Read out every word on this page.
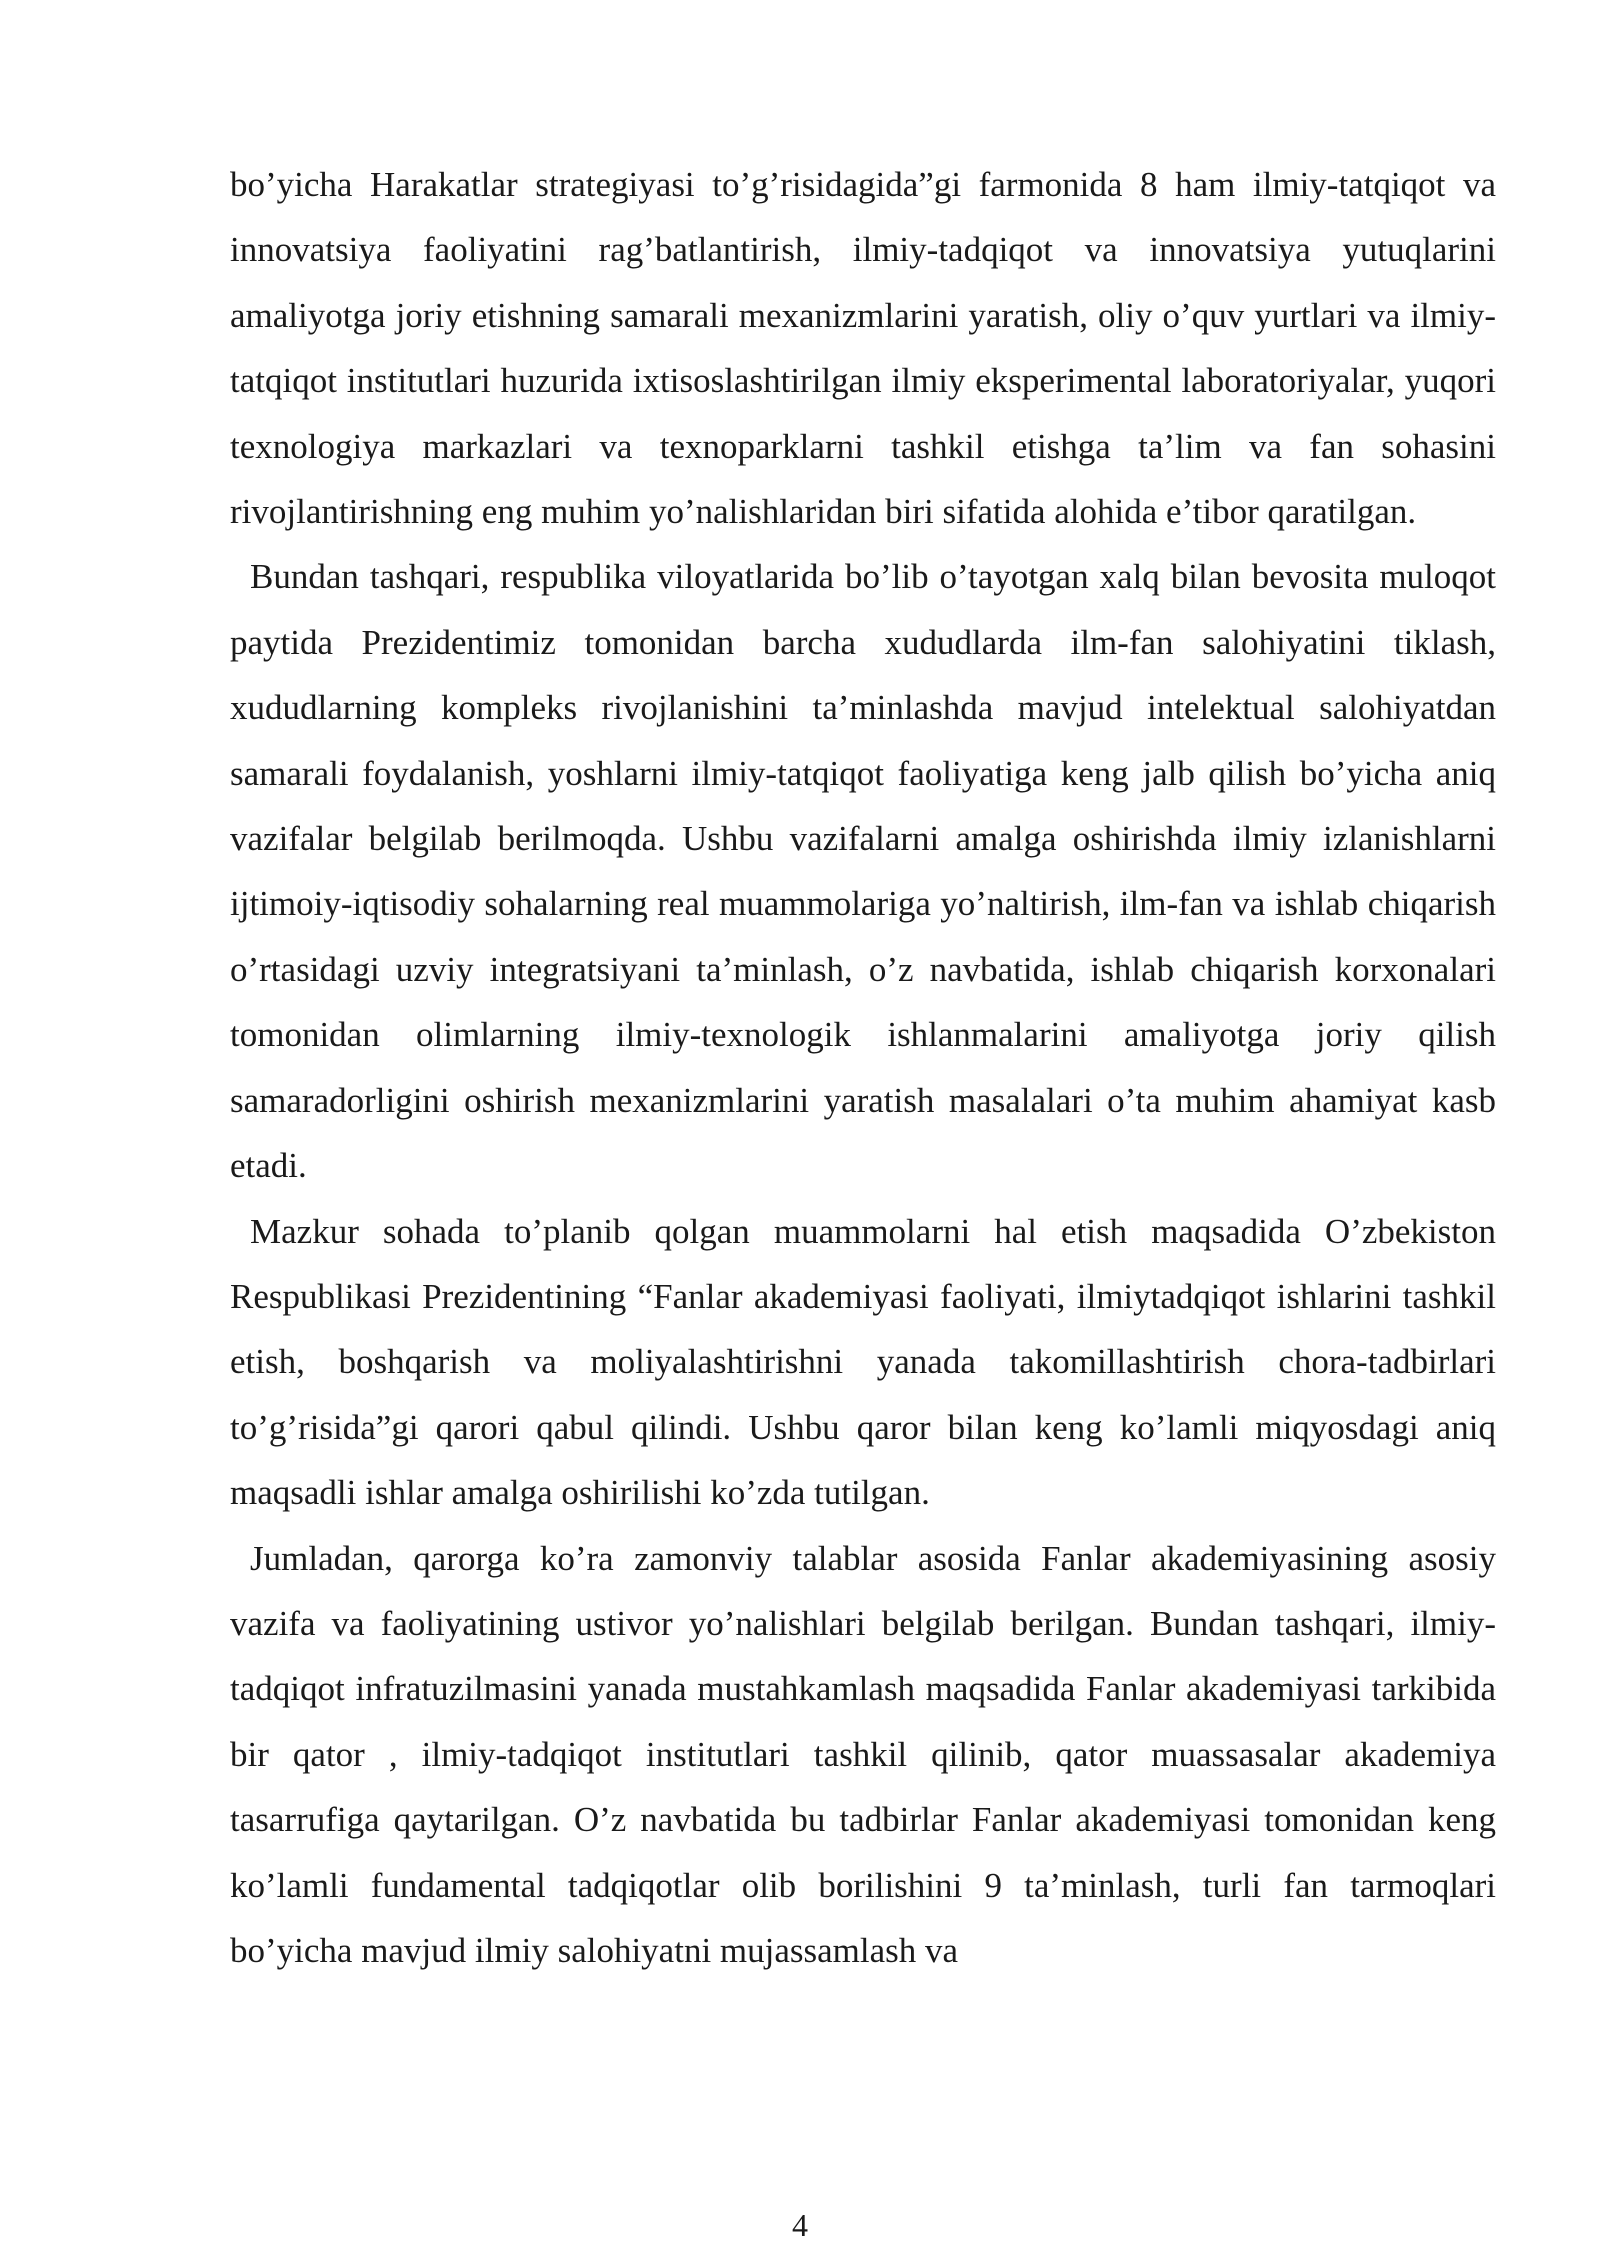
bo’yicha Harakatlar strategiyasi to’g’risidagida”gi farmonida 8 ham ilmiy-tatqiqot va innovatsiya faoliyatini rag’batlantirish, ilmiy-tadqiqot va innovatsiya yutuqlarini amaliyotga joriy etishning samarali mexanizmlarini yaratish, oliy o’quv yurtlari va ilmiy-tatqiqot institutlari huzurida ixtisoslashtirilgan ilmiy eksperimental laboratoriyalar, yuqori texnologiya markazlari va texnoparklarni tashkil etishga ta’lim va fan sohasini rivojlantirishning eng muhim yo’nalishlaridan biri sifatida alohida e’tibor qaratilgan.

Bundan tashqari, respublika viloyatlarida bo’lib o’tayotgan xalq bilan bevosita muloqot paytida Prezidentimiz tomonidan barcha xududlarda ilm-fan salohiyatini tiklash, xududlarning kompleks rivojlanishini ta’minlashda mavjud intelektual salohiyatdan samarali foydalanish, yoshlarni ilmiy-tatqiqot faoliyatiga keng jalb qilish bo’yicha aniq vazifalar belgilab berilmoqda. Ushbu vazifalarni amalga oshirishda ilmiy izlanishlarni ijtimoiy-iqtisodiy sohalarning real muammolariga yo’naltirish, ilm-fan va ishlab chiqarish o’rtasidagi uzviy integratsiyani ta’minlash, o’z navbatida, ishlab chiqarish korxonalari tomonidan olimlarning ilmiy-texnologik ishlanmalarini amaliyotga joriy qilish samaradorligini oshirish mexanizmlarini yaratish masalalari o’ta muhim ahamiyat kasb etadi.

Mazkur sohada to’planib qolgan muammolarni hal etish maqsadida O’zbekiston Respublikasi Prezidentining “Fanlar akademiyasi faoliyati, ilmiytadqiqot ishlarini tashkil etish, boshqarish va moliyalashtirishni yanada takomillashtirish chora-tadbirlari to’g’risida”gi qarori qabul qilindi. Ushbu qaror bilan keng ko’lamli miqyosdagi aniq maqsadli ishlar amalga oshirilishi ko’zda tutilgan.

Jumladan, qarorga ko’ra zamonviy talablar asosida Fanlar akademiyasining asosiy vazifa va faoliyatining ustivor yo’nalishlari belgilab berilgan. Bundan tashqari, ilmiy-tadqiqot infratuzilmasini yanada mustahkamlash maqsadida Fanlar akademiyasi tarkibida bir qator , ilmiy-tadqiqot institutlari tashkil qilinib, qator muassasalar akademiya tasarrufiga qaytarilgan. O’z navbatida bu tadbirlar Fanlar akademiyasi tomonidan keng ko’lamli fundamental tadqiqotlar olib borilishini 9 ta’minlash, turli fan tarmoqlari bo’yicha mavjud ilmiy salohiyatni mujassamlash va

4
